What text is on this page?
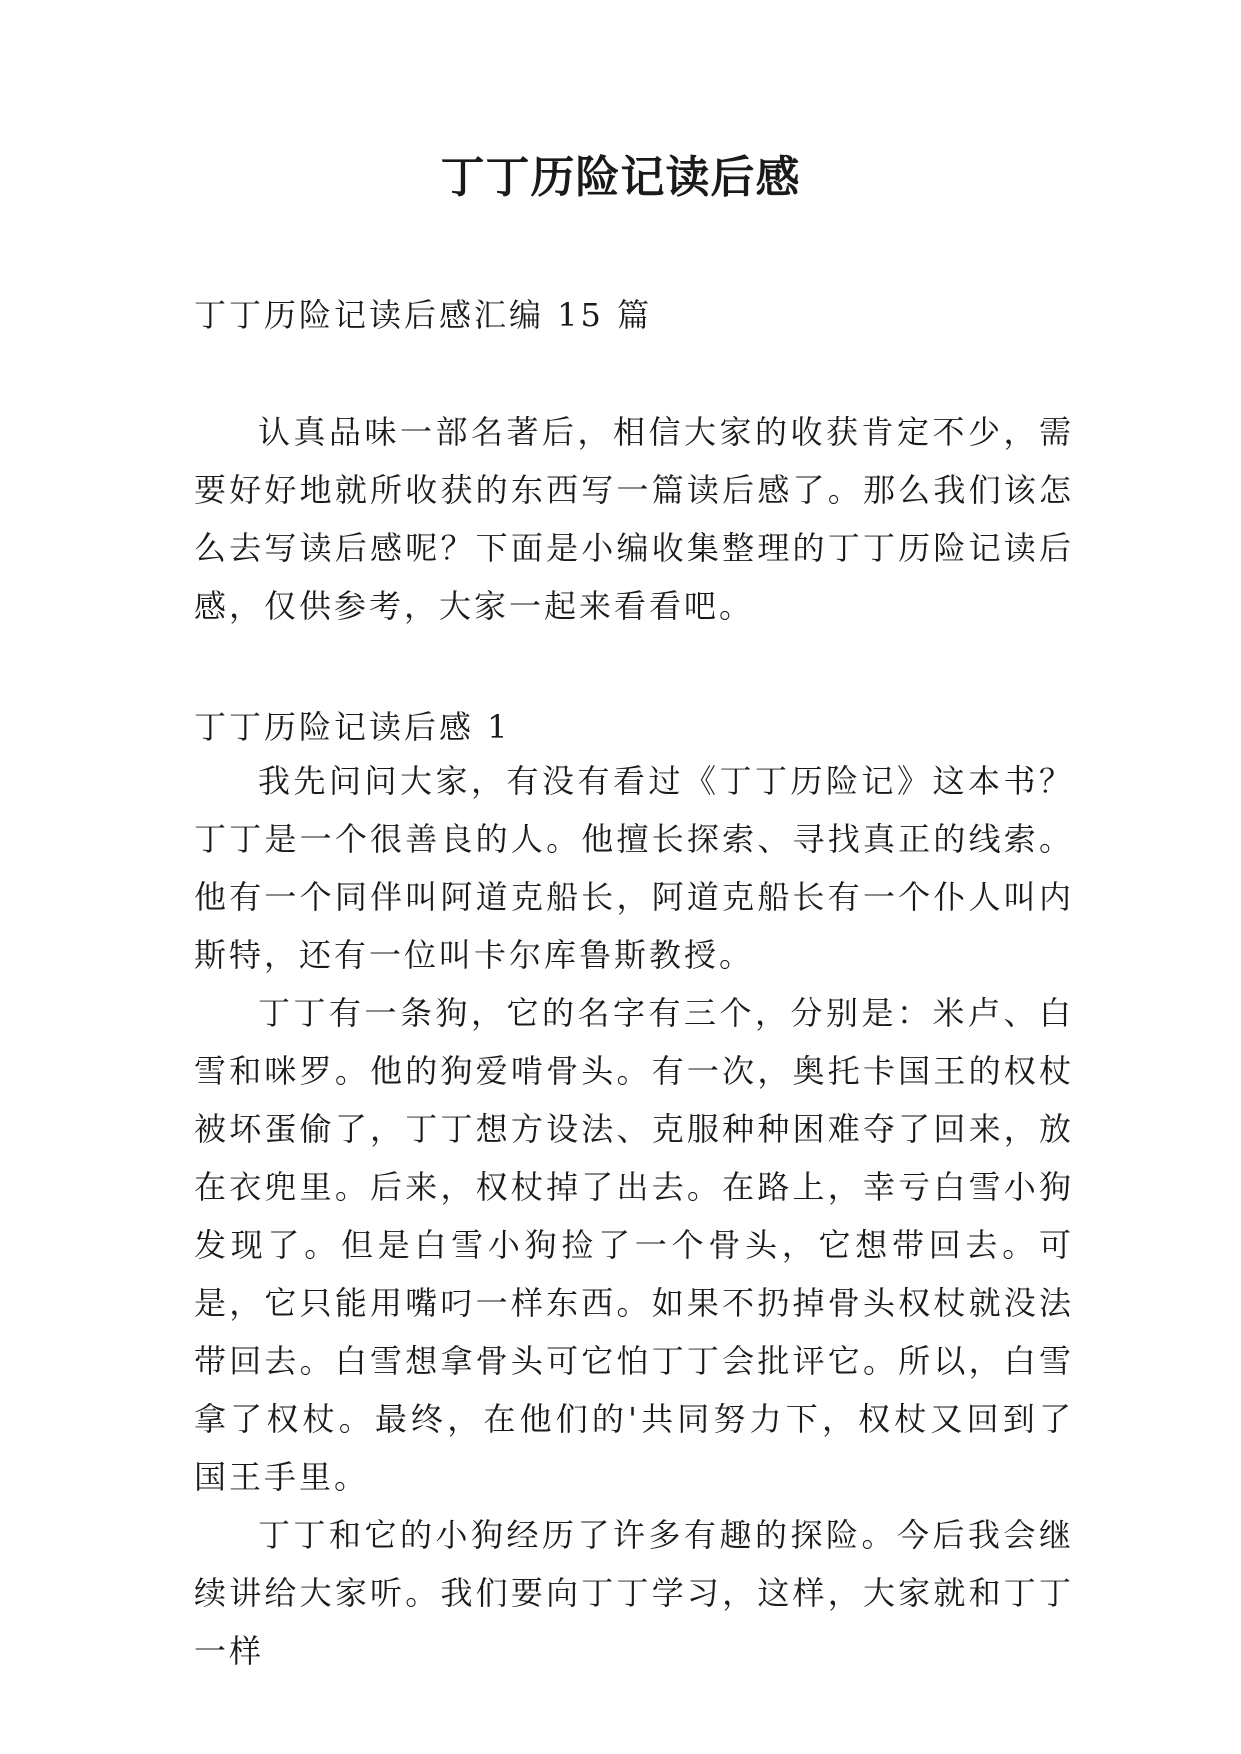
丁丁历险记读后感

丁丁历险记读后感汇编 15 篇

认真品味一部名著后，相信大家的收获肯定不少，需要好好地就所收获的东西写一篇读后感了。那么我们该怎么去写读后感呢？下面是小编收集整理的丁丁历险记读后感，仅供参考，大家一起来看看吧。

丁丁历险记读后感 1

我先问问大家，有没有看过《丁丁历险记》这本书？丁丁是一个很善良的人。他擅长探索、寻找真正的线索。他有一个同伴叫阿道克船长，阿道克船长有一个仆人叫内斯特，还有一位叫卡尔库鲁斯教授。

丁丁有一条狗，它的名字有三个，分别是：米卢、白雪和咪罗。他的狗爱啃骨头。有一次，奥托卡国王的权杖被坏蛋偷了，丁丁想方设法、克服种种困难夺了回来，放在衣兜里。后来，权杖掉了出去。在路上，幸亏白雪小狗发现了。但是白雪小狗捡了一个骨头，它想带回去。可是，它只能用嘴叼一样东西。如果不扔掉骨头权杖就没法带回去。白雪想拿骨头可它怕丁丁会批评它。所以，白雪拿了权杖。最终，在他们的'共同努力下，权杖又回到了国王手里。

丁丁和它的小狗经历了许多有趣的探险。今后我会继续讲给大家听。我们要向丁丁学习，这样，大家就和丁丁一样
